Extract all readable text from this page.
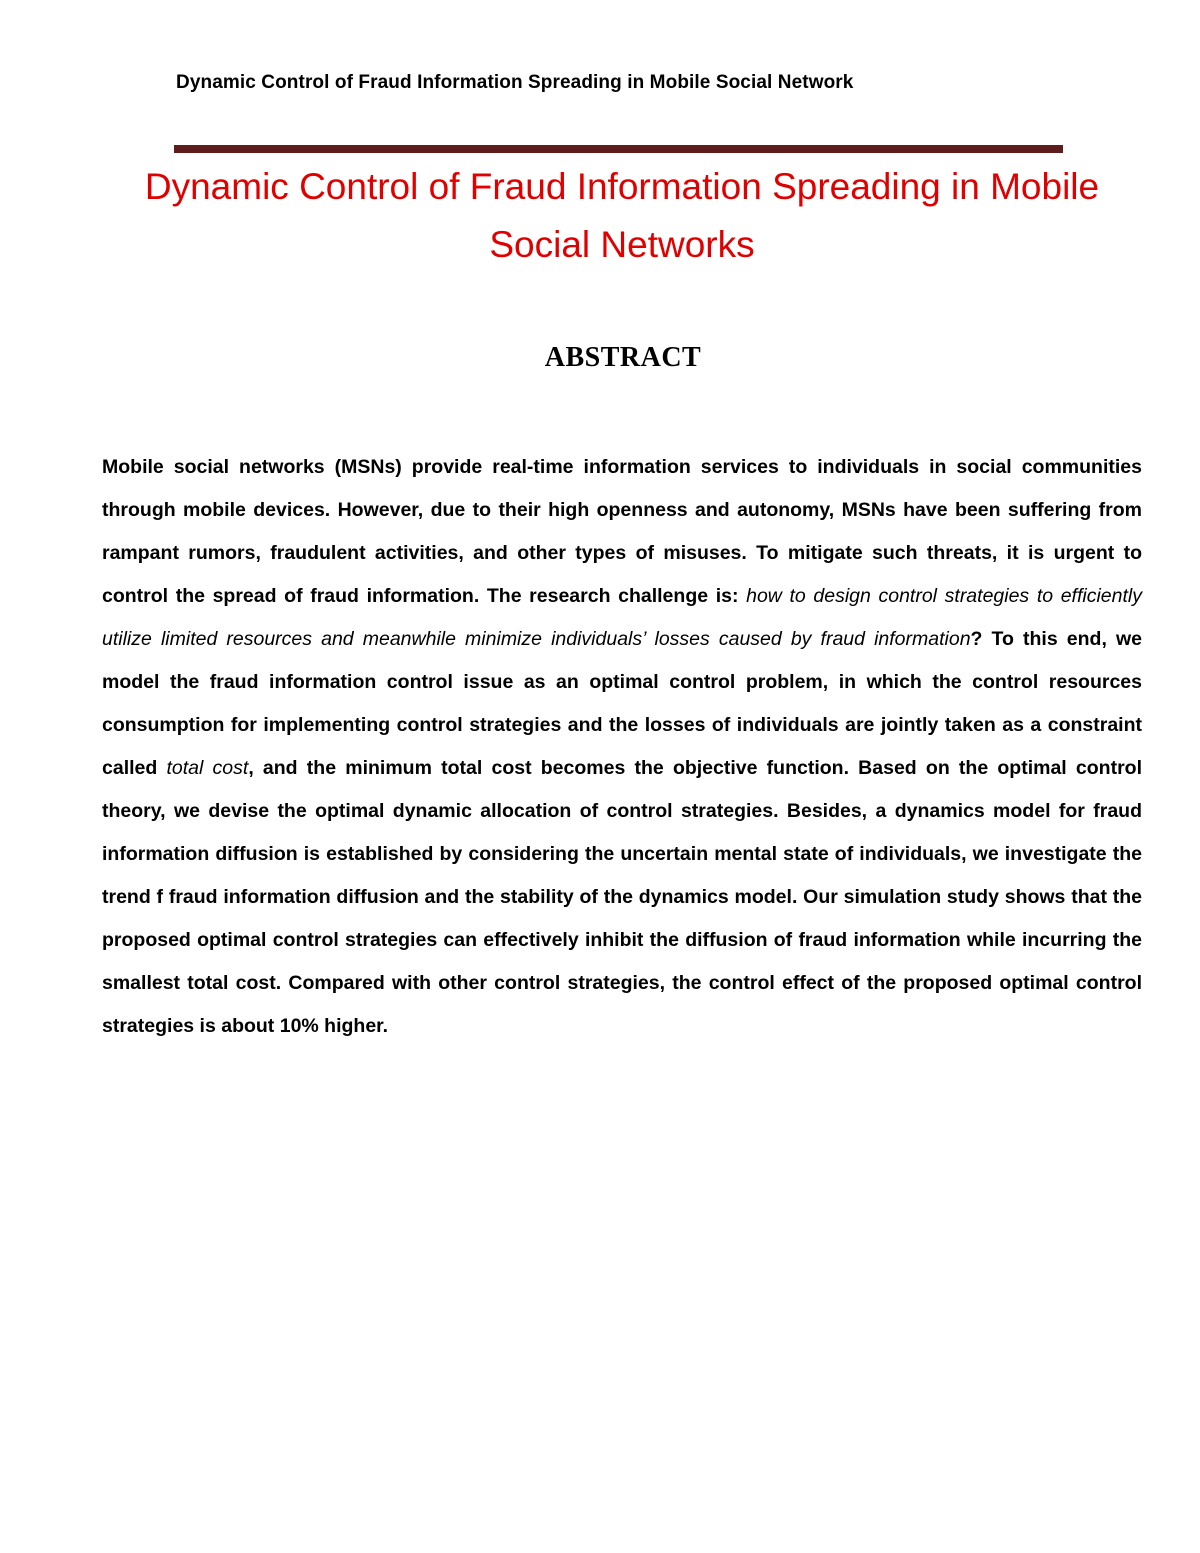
Dynamic Control of Fraud Information Spreading in Mobile Social Network
Dynamic Control of Fraud Information Spreading in Mobile
Social Networks
ABSTRACT

Mobile social networks (MSNs) provide real-time information services to individuals in social communities through mobile devices. However, due to their high openness and autonomy, MSNs have been suffering from rampant rumors, fraudulent activities, and other types of misuses. To mitigate such threats, it is urgent to control the spread of fraud information. The research challenge is: how to design control strategies to efficiently utilize limited resources and meanwhile minimize individuals’ losses caused by fraud information? To this end, we model the fraud information control issue as an optimal control problem, in which the control resources consumption for implementing control strategies and the losses of individuals are jointly taken as a constraint called total cost, and the minimum total cost becomes the objective function. Based on the optimal control theory, we devise the optimal dynamic allocation of control strategies. Besides, a dynamics model for fraud information diffusion is established by considering the uncertain mental state of individuals, we investigate the trend f fraud information diffusion and the stability of the dynamics model. Our simulation study shows that the proposed optimal control strategies can effectively inhibit the diffusion of fraud information while incurring the smallest total cost. Compared with other control strategies, the control effect of the proposed optimal control strategies is about 10% higher.
